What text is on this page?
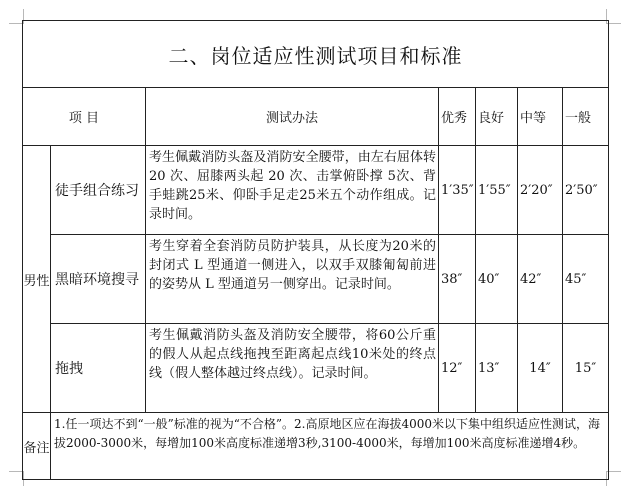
二、岗位适应性测试项目和标准						
项 目		测试办法	优秀	良好	中等	一般
男性	徒手组合练习	考生佩戴消防头盔及消防安全腰带，由左右屈体转 20 次、屈膝两头起 20 次、击掌俯卧撑 5次、背手蛙跳25米、仰卧手足走25米五个动作组成。记录时间。	1′35″	1′55″	2′20″	2′50″
	黑暗环境搜寻	考生穿着全套消防员防护装具，从长度为20米的封闭式 L 型通道一侧进入，以双手双膝匍匐前进的姿势从 L 型通道另一侧穿出。记录时间。	38″	40″	42″	45″
	拖拽	考生佩戴消防头盔及消防安全腰带，将60公斤重的假人从起点线拖拽至距离起点线10米处的终点线（假人整体越过终点线）。记录时间。	12″	13″	14″	15″
备注	1.任一项达不到“一般”标准的视为“不合格”。2.高原地区应在海拔4000米以下集中组织适应性测试，海拔2000-3000米，每增加100米高度标准递增3秒,3100-4000米，每增加100米高度标准递增4秒。					
